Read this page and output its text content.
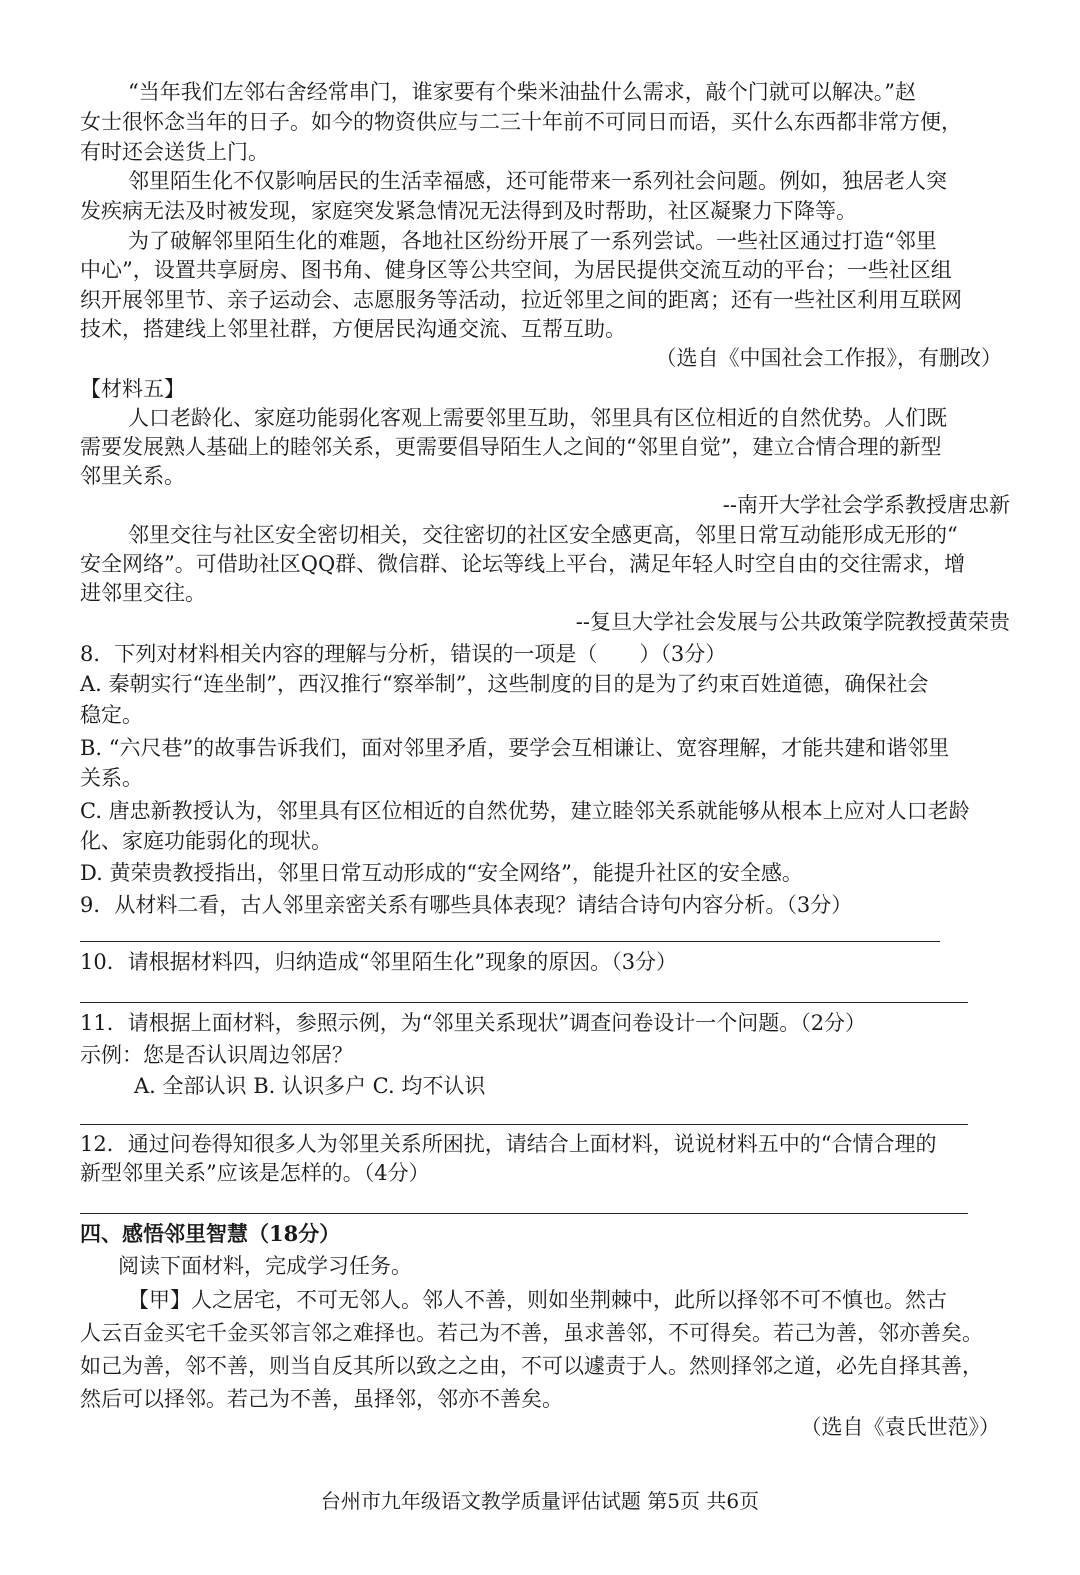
“当年我们左邻右舍经常串门，谁家要有个柴米油盐什么需求，敲个门就可以解决。”赵
女士很怀念当年的日子。如今的物资供应与二三十年前不可同日而语，买什么东西都非常方便，
有时还会送货上门。
邻里陌生化不仅影响居民的生活幸福感，还可能带来一系列社会问题。例如，独居老人突
发疾病无法及时被发现，家庭突发紧急情况无法得到及时帮助，社区凝聚力下降等。
为了破解邻里陌生化的难题，各地社区纷纷开展了一系列尝试。一些社区通过打造“邻里
中心”，设置共享厨房、图书角、健身区等公共空间，为居民提供交流互动的平台；一些社区组
织开展邻里节、亲子运动会、志愿服务等活动，拉近邻里之间的距离；还有一些社区利用互联网
技术，搭建线上邻里社群，方便居民沟通交流、互帮互助。
（选自《中国社会工作报》，有删改）
【材料五】
人口老龄化、家庭功能弱化客观上需要邻里互助，邻里具有区位相近的自然优势。人们既
需要发展熟人基础上的睦邻关系，更需要倡导陌生人之间的“邻里自觉”，建立合情合理的新型
邻里关系。
--南开大学社会学系教授唐忠新
邻里交往与社区安全密切相关，交往密切的社区安全感更高，邻里日常互动能形成无形的“
安全网络”。可借助社区QQ群、微信群、论坛等线上平台，满足年轻人时空自由的交往需求，增
进邻里交往。
--复旦大学社会发展与公共政策学院教授黄荣贵
8．下列对材料相关内容的理解与分析，错误的一项是（　　）（3分）
A. 秦朝实行“连坐制”，西汉推行“察举制”，这些制度的目的是为了约束百姓道德，确保社会
稳定。
B. “六尺巷”的故事告诉我们，面对邻里矛盾，要学会互相谦让、宽容理解，才能共建和谐邻里
关系。
C. 唐忠新教授认为，邻里具有区位相近的自然优势，建立睦邻关系就能够从根本上应对人口老龄
化、家庭功能弱化的现状。
D. 黄荣贵教授指出，邻里日常互动形成的“安全网络”，能提升社区的安全感。
9．从材料二看，古人邻里亲密关系有哪些具体表现？请结合诗句内容分析。（3分）
10．请根据材料四，归纳造成“邻里陌生化”现象的原因。（3分）
11．请根据上面材料，参照示例，为“邻里关系现状”调查问卷设计一个问题。（2分）
示例：您是否认识周边邻居？
A. 全部认识 B. 认识多户 C. 均不认识
12．通过问卷得知很多人为邻里关系所困扰，请结合上面材料，说说材料五中的“合情合理的
新型邻里关系”应该是怎样的。（4分）
四、感悟邻里智慧（18分）
阅读下面材料，完成学习任务。
【甲】人之居宅，不可无邻人。邻人不善，则如坐荆棘中，此所以择邻不可不慎也。然古
人云百金买宅千金买邻言邻之难择也。若己为不善，虽求善邻，不可得矣。若己为善，邻亦善矣。
如己为善，邻不善，则当自反其所以致之之由，不可以遽责于人。然则择邻之道，必先自择其善，
然后可以择邻。若己为不善，虽择邻，邻亦不善矣。
（选自《袁氏世范》）
台州市九年级语文教学质量评估试题 第5页 共6页
